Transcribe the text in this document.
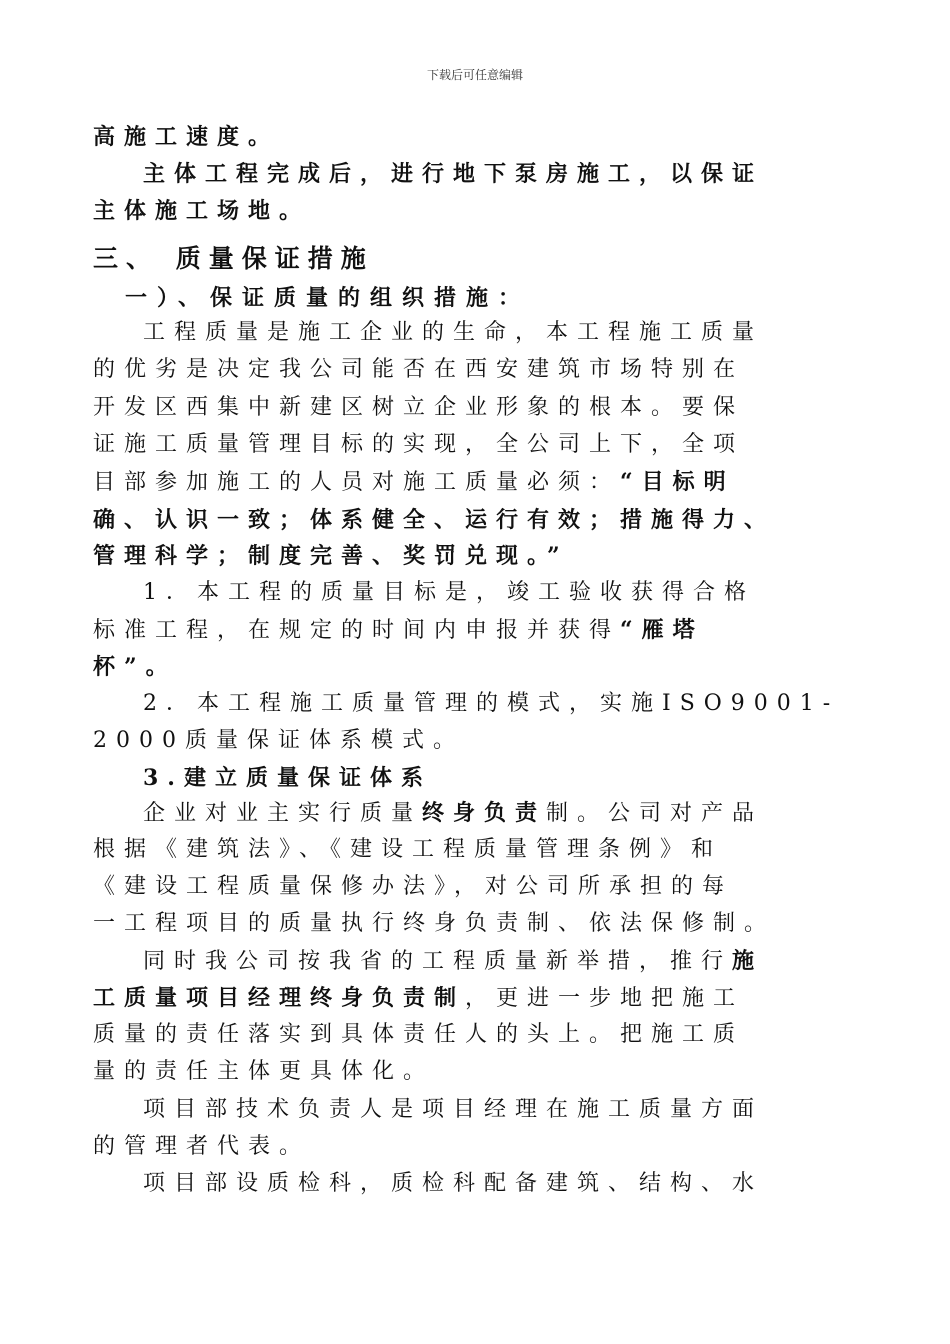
下载后可任意编辑
高施工速度。
主体工程完成后，进行地下泵房施工，以保证
主体施工场地。
三、 质量保证措施
一）、保证质量的组织措施：
工程质量是施工企业的生命，本工程施工质量
的优劣是决定我公司能否在西安建筑市场特别在
开发区西集中新建区树立企业形象的根本。要保
证施工质量管理目标的实现，全公司上下，全项
目部参加施工的人员对施工质量必须：“目标明
确、认识一致；体系健全、运行有效；措施得力、
管理科学；制度完善、奖罚兑现。”
1．本工程的质量目标是，竣工验收获得合格
标准工程，在规定的时间内申报并获得“雁塔
杯”。
2．本工程施工质量管理的模式，实施ISO9001-
2000质量保证体系模式。
3.建立质量保证体系
企业对业主实行质量终身负责制。公司对产品
根据《建筑法》、《建设工程质量管理条例》和
《建设工程质量保修办法》，对公司所承担的每
一工程项目的质量执行终身负责制、依法保修制。
同时我公司按我省的工程质量新举措，推行施
工质量项目经理终身负责制，更进一步地把施工
质量的责任落实到具体责任人的头上。把施工质
量的责任主体更具体化。
项目部技术负责人是项目经理在施工质量方面
的管理者代表。
项目部设质检科，质检科配备建筑、结构、水
